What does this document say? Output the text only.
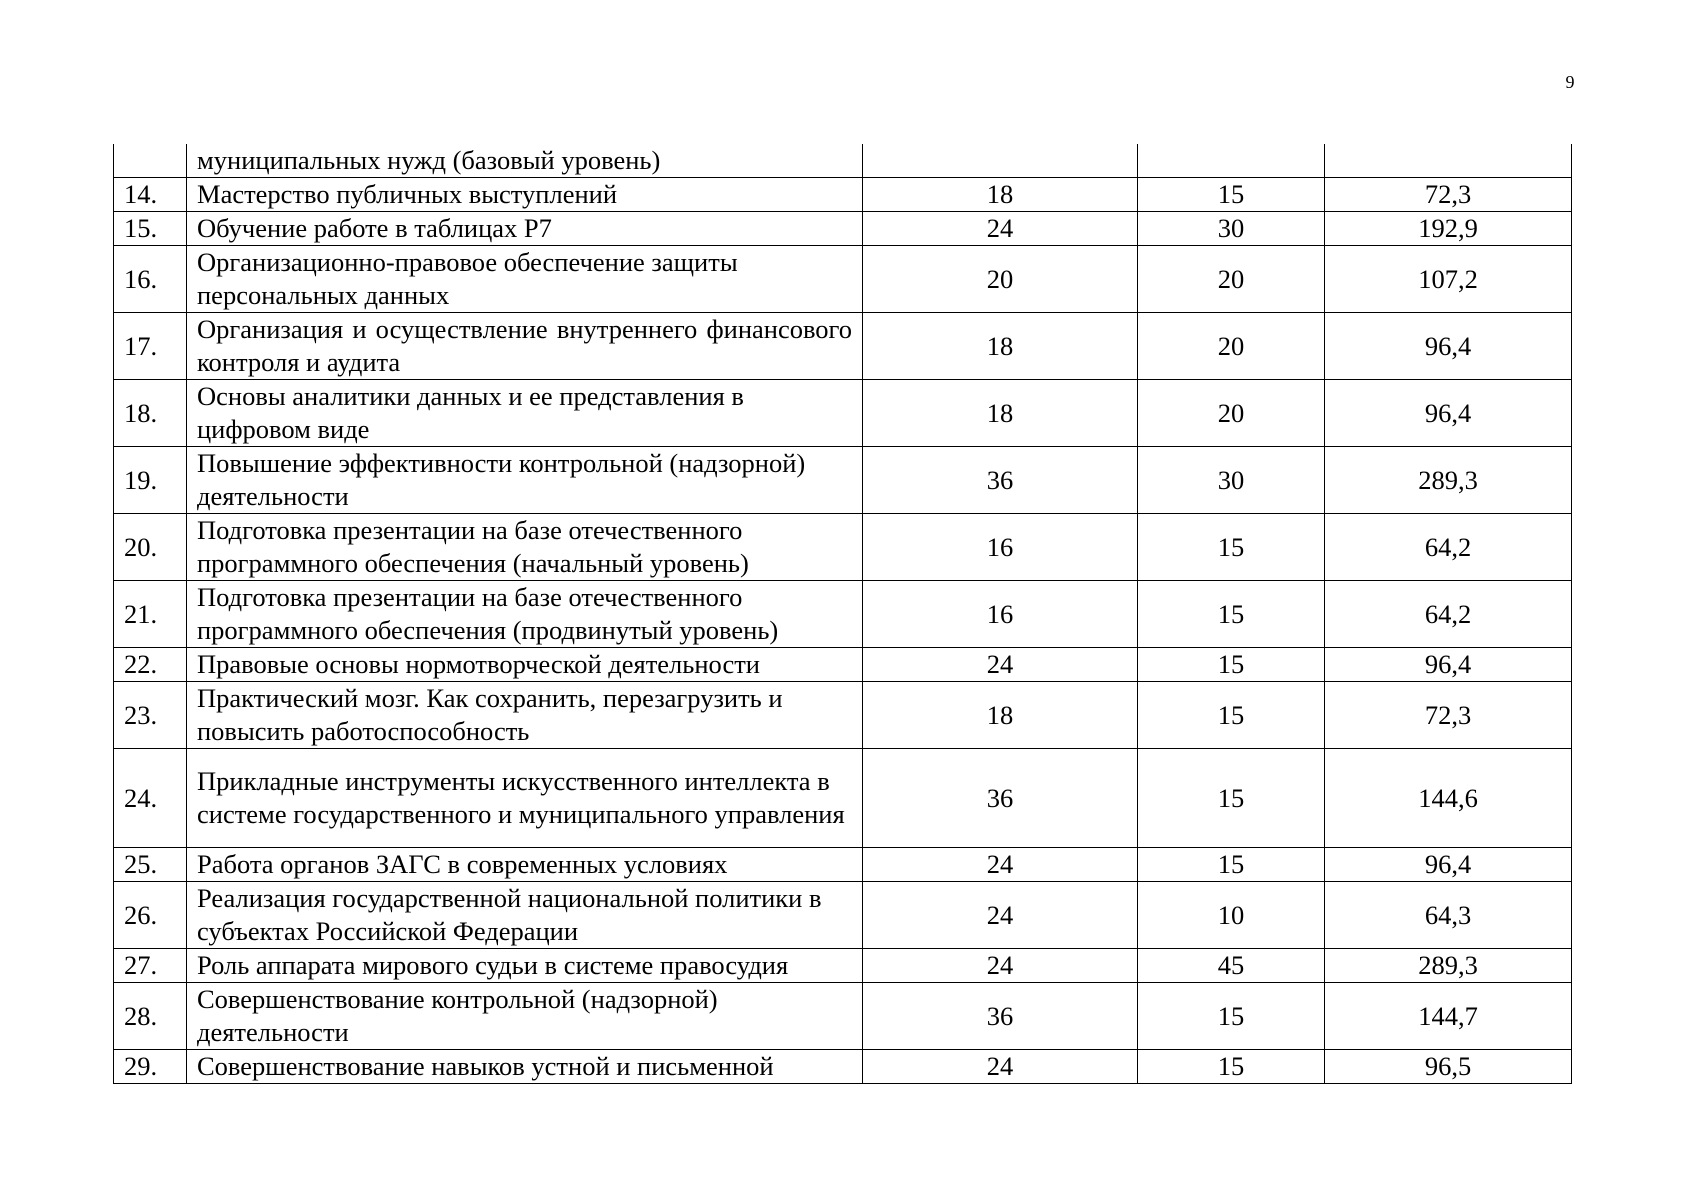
9
	муниципальных нужд (базовый уровень)			
14.	Мастерство публичных выступлений	18	15	72,3
15.	Обучение работе в таблицах Р7	24	30	192,9
16.	Организационно-правовое обеспечение защиты персональных данных	20	20	107,2
17.	Организация и осуществление внутреннего финансового контроля и аудита	18	20	96,4
18.	Основы аналитики данных и ее представления в цифровом виде	18	20	96,4
19.	Повышение эффективности контрольной (надзорной) деятельности	36	30	289,3
20.	Подготовка презентации на базе отечественного программного обеспечения (начальный уровень)	16	15	64,2
21.	Подготовка презентации на базе отечественного программного обеспечения (продвинутый уровень)	16	15	64,2
22.	Правовые основы нормотворческой деятельности	24	15	96,4
23.	Практический мозг. Как сохранить, перезагрузить и повысить работоспособность	18	15	72,3
24.	Прикладные инструменты искусственного интеллекта в системе государственного и муниципального управления	36	15	144,6
25.	Работа органов ЗАГС в современных условиях	24	15	96,4
26.	Реализация государственной национальной политики в субъектах Российской Федерации	24	10	64,3
27.	Роль аппарата мирового судьи в системе правосудия	24	45	289,3
28.	Совершенствование контрольной (надзорной) деятельности	36	15	144,7
29.	Совершенствование навыков устной и письменной	24	15	96,5
